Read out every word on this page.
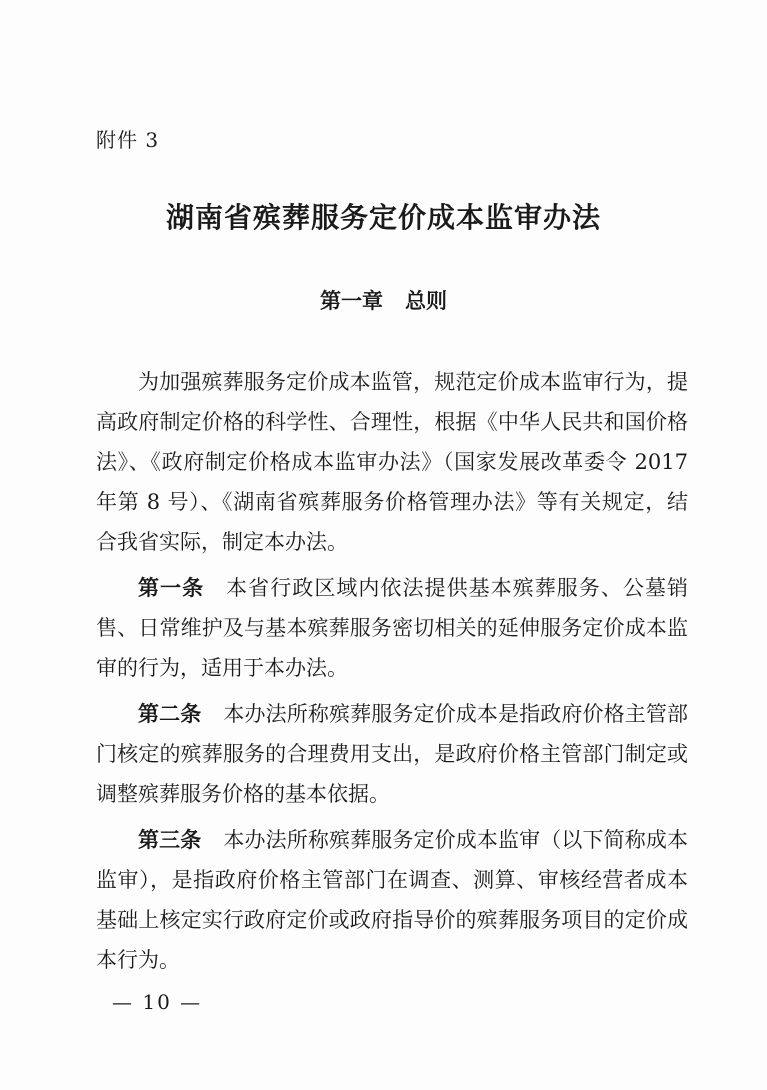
附件 3
湖南省殡葬服务定价成本监审办法
第一章 总则

为加强殡葬服务定价成本监管，规范定价成本监审行为，提高政府制定价格的科学性、合理性，根据《中华人民共和国价格法》、《政府制定价格成本监审办法》（国家发展改革委令 2017 年第 8 号）、《湖南省殡葬服务价格管理办法》等有关规定，结合我省实际，制定本办法。

第一条 本省行政区域内依法提供基本殡葬服务、公墓销售、日常维护及与基本殡葬服务密切相关的延伸服务定价成本监审的行为，适用于本办法。

第二条 本办法所称殡葬服务定价成本是指政府价格主管部门核定的殡葬服务的合理费用支出，是政府价格主管部门制定或调整殡葬服务价格的基本依据。

第三条 本办法所称殡葬服务定价成本监审（以下简称成本监审），是指政府价格主管部门在调查、测算、审核经营者成本基础上核定实行政府定价或政府指导价的殡葬服务项目的定价成本行为。

— 10 —
